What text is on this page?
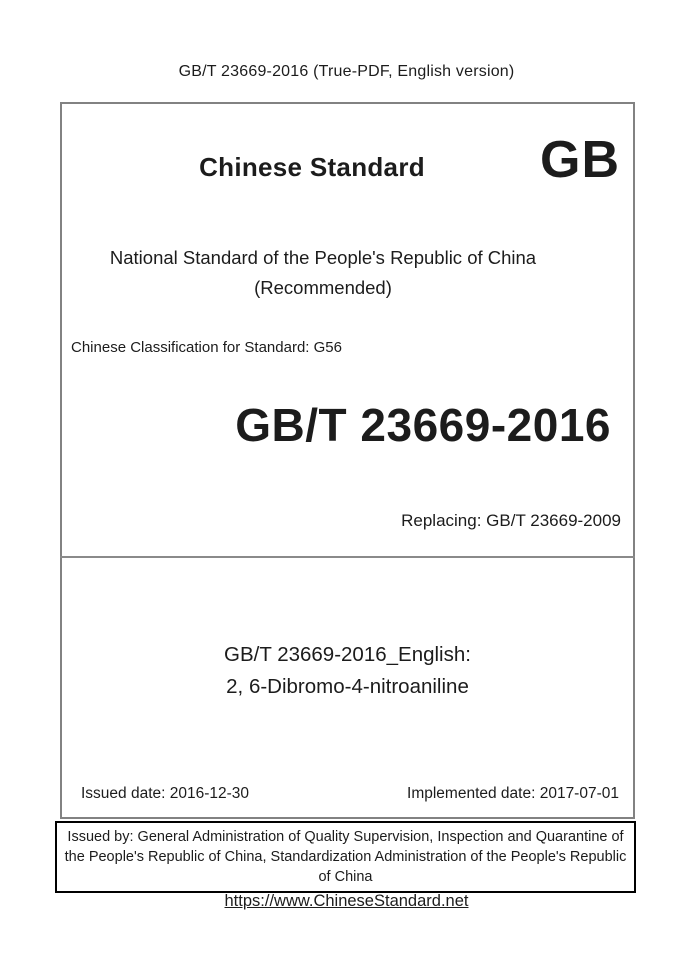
GB/T 23669-2016 (True-PDF, English version)
Chinese Standard	GB
National Standard of the People's Republic of China
(Recommended)
Chinese Classification for Standard: G56
GB/T 23669-2016
Replacing: GB/T 23669-2009
GB/T 23669-2016_English:
2, 6-Dibromo-4-nitroaniline
Issued date: 2016-12-30	Implemented date: 2017-07-01
Issued by: General Administration of Quality Supervision, Inspection and Quarantine of the People's Republic of China, Standardization Administration of the People's Republic of China
https://www.ChineseStandard.net
